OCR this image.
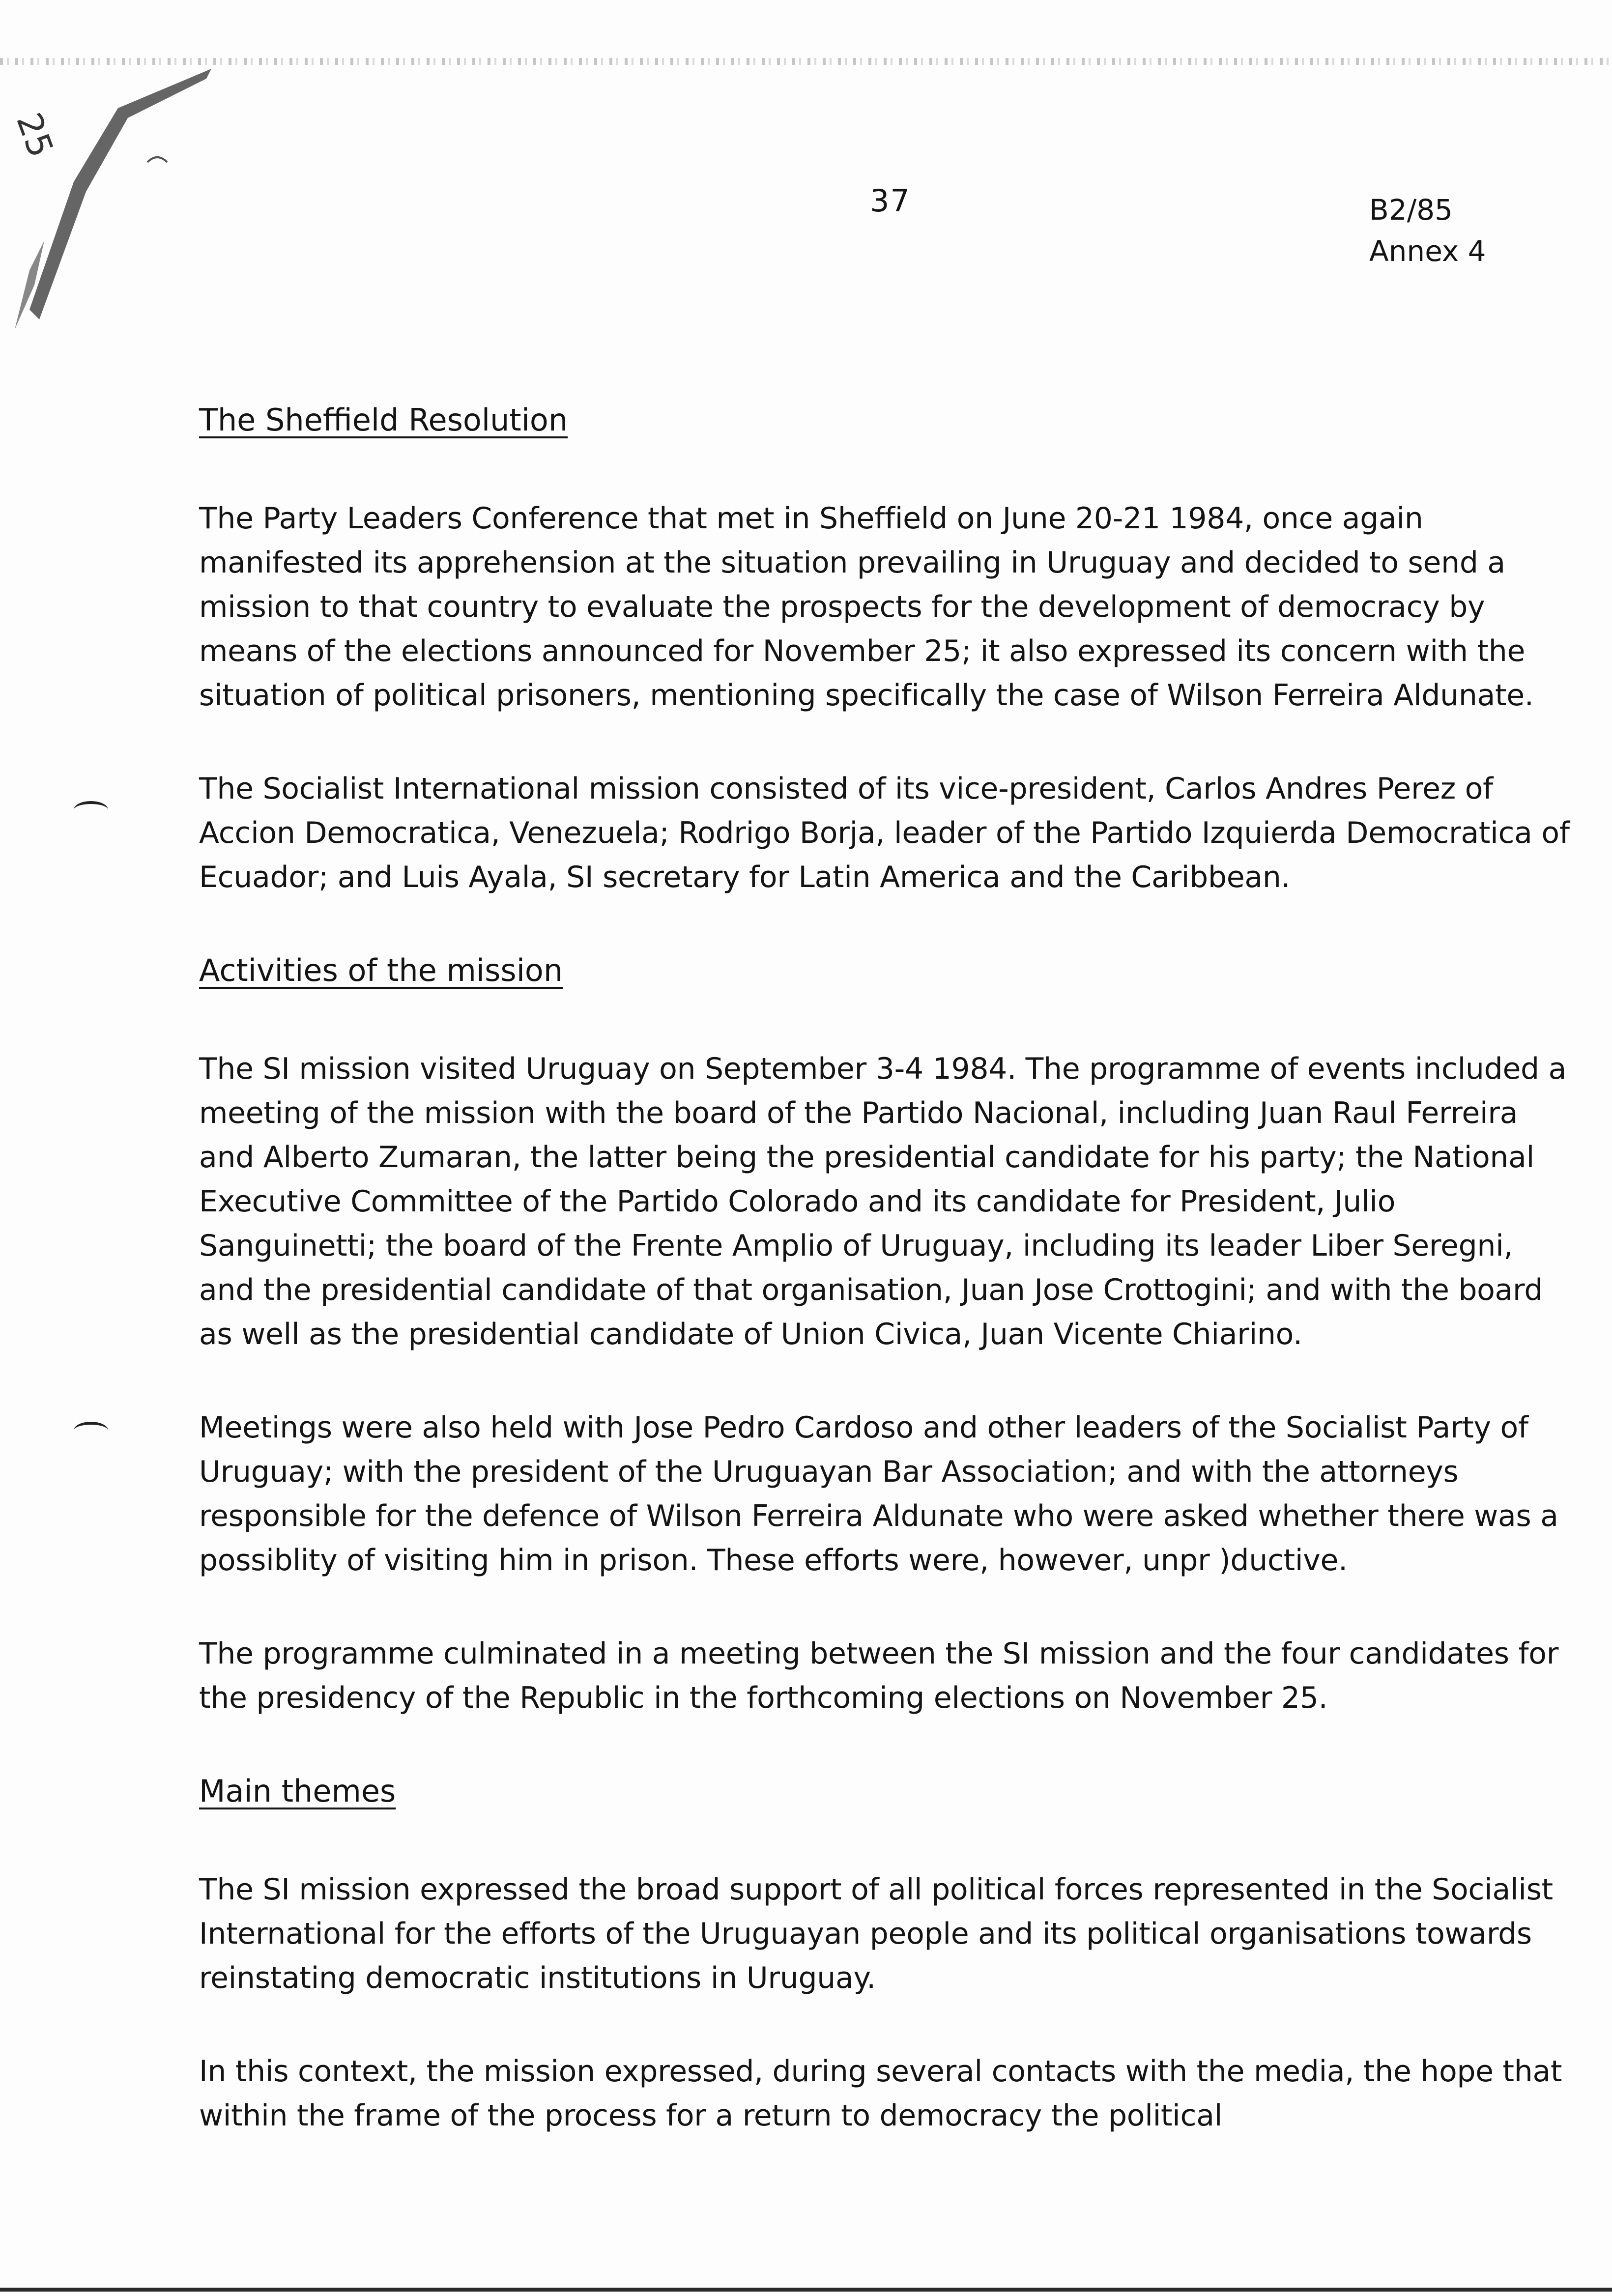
25
37	B2/85
Annex 4
The Sheffield Resolution

The Party Leaders Conference that met in Sheffield on June 20-21 1984, once again manifested its apprehension at the situation prevailing in Uruguay and decided to send a mission to that country to evaluate the prospects for the development of democracy by means of the elections announced for November 25; it also expressed its concern with the situation of political prisoners, mentioning specifically the case of Wilson Ferreira Aldunate.

The Socialist International mission consisted of its vice-president, Carlos Andres Perez of Accion Democratica, Venezuela; Rodrigo Borja, leader of the Partido Izquierda Democratica of Ecuador; and Luis Ayala, SI secretary for Latin America and the Caribbean.

Activities of the mission

The SI mission visited Uruguay on September 3-4 1984. The programme of events included a meeting of the mission with the board of the Partido Nacional, including Juan Raul Ferreira and Alberto Zumaran, the latter being the presidential candidate for his party; the National Executive Committee of the Partido Colorado and its candidate for President, Julio Sanguinetti; the board of the Frente Amplio of Uruguay, including its leader Liber Seregni, and the presidential candidate of that organisation, Juan Jose Crottogini; and with the board as well as the presidential candidate of Union Civica, Juan Vicente Chiarino.

Meetings were also held with Jose Pedro Cardoso and other leaders of the Socialist Party of Uruguay; with the president of the Uruguayan Bar Association; and with the attorneys responsible for the defence of Wilson Ferreira Aldunate who were asked whether there was a possiblity of visiting him in prison. These efforts were, however, unpr )ductive.

The programme culminated in a meeting between the SI mission and the four candidates for the presidency of the Republic in the forthcoming elections on November 25.

Main themes

The SI mission expressed the broad support of all political forces represented in the Socialist International for the efforts of the Uruguayan people and its political organisations towards reinstating democratic institutions in Uruguay.

In this context, the mission expressed, during several contacts with the media, the hope that within the frame of the process for a return to democracy the political
